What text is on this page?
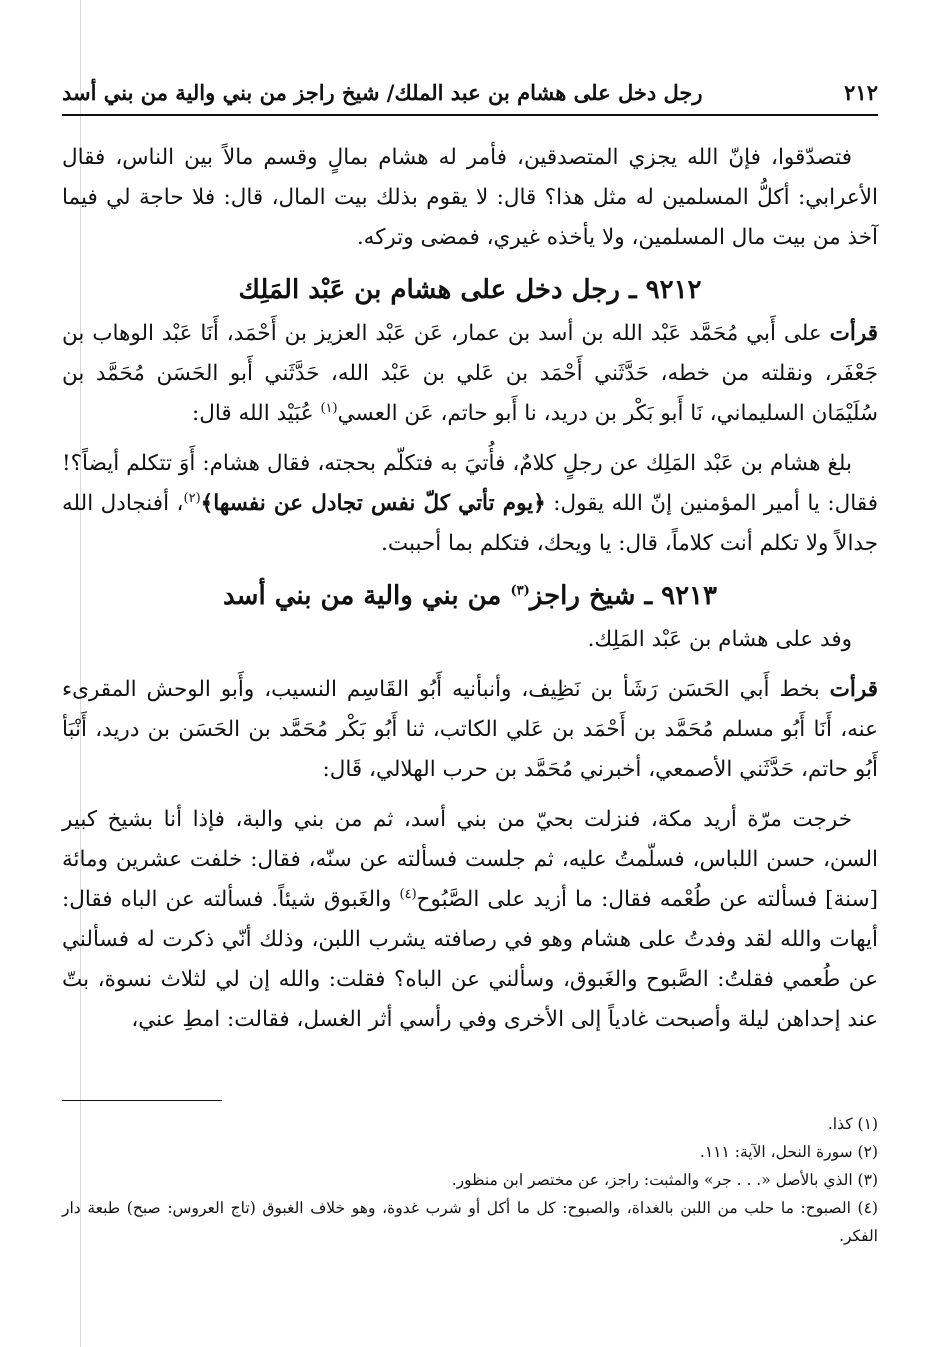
٢١٢
رجل دخل على هشام بن عبد الملك/ شيخ راجز من بني والية من بني أسد

فتصدّقوا، فإنّ الله يجزي المتصدقين، فأمر له هشام بمالٍ وقسم مالاً بين الناس، فقال الأعرابي: أكلُّ المسلمين له مثل هذا؟ قال: لا يقوم بذلك بيت المال، قال: فلا حاجة لي فيما آخذ من بيت مال المسلمين، ولا يأخذه غيري، فمضى وتركه.

٩٢١٢ ـ رجل دخل على هشام بن عَبْد المَلِك

قرأت على أَبي مُحَمَّد عَبْد الله بن أسد بن عمار، عَن عَبْد العزيز بن أَحْمَد، أَنَا عَبْد الوهاب بن جَعْفَر، ونقلته من خطه، حَدَّثَني أَحْمَد بن عَلي بن عَبْد الله، حَدَّثَني أَبو الحَسَن مُحَمَّد بن سُلَيْمَان السليماني، نَا أَبو بَكْر بن دريد، نا أَبو حاتم، عَن العسي$^{(١)}$ عُبَيْد الله قال:

بلغ هشام بن عَبْد المَلِك عن رجلٍ كلامٌ، فأُتيَ به فتكلّم بحجته، فقال هشام: أَوَ تتكلم أيضاً؟! فقال: يا أمير المؤمنين إنّ الله يقول: ﴿يوم تأتي كلّ نفس تجادل عن نفسها﴾$^{(٢)}$، أفنجادل الله جدالاً ولا تكلم أنت كلاماً، قال: يا ويحك، فتكلم بما أحببت.

٩٢١٣ ـ شيخ راجز$^{(٣)}$ من بني والية من بني أسد

وفد على هشام بن عَبْد المَلِك.

قرأت بخط أَبي الحَسَن رَشَأ بن نَظِيف، وأنبأنيه أَبُو القَاسِم النسيب، وأَبو الوحش المقرىء عنه، أَنَا أَبُو مسلم مُحَمَّد بن أَحْمَد بن عَلي الكاتب، ثنا أَبُو بَكْر مُحَمَّد بن الحَسَن بن دريد، أَنْبَأ أَبُو حاتم، حَدَّثَني الأصمعي، أخبرني مُحَمَّد بن حرب الهلالي، قَال:

خرجت مرّة أريد مكة، فنزلت بحيّ من بني أسد، ثم من بني والبة، فإذا أنا بشيخ كبير السن، حسن اللباس، فسلّمتُ عليه، ثم جلست فسألته عن سنّه، فقال: خلفت عشرين ومائة [سنة] فسألته عن طُعْمه فقال: ما أزيد على الصَّبُوح$^{(٤)}$ والغَبوق شيئاً. فسألته عن الباه فقال: أيهات والله لقد وفدتُ على هشام وهو في رصافته يشرب اللبن، وذلك أنّي ذكرت له فسألني عن طُعمي فقلتُ: الصَّبوح والغَبوق، وسألني عن الباه؟ فقلت: والله إن لي لثلاث نسوة، بتّ عند إحداهن ليلة وأصبحت غادياً إلى الأخرى وفي رأسي أثر الغسل، فقالت: امطِ عني،

(١) كذا.
(٢) سورة النحل، الآية: ١١١.
(٣) الذي بالأصل «. . . جر» والمثبت: راجز، عن مختصر ابن منظور.
(٤) الصبوح: ما حلب من اللبن بالغداة، والصبوح: كل ما أكل أو شرب غدوة، وهو خلاف الغبوق (تاج العروس: صبح) طبعة دار الفكر.
